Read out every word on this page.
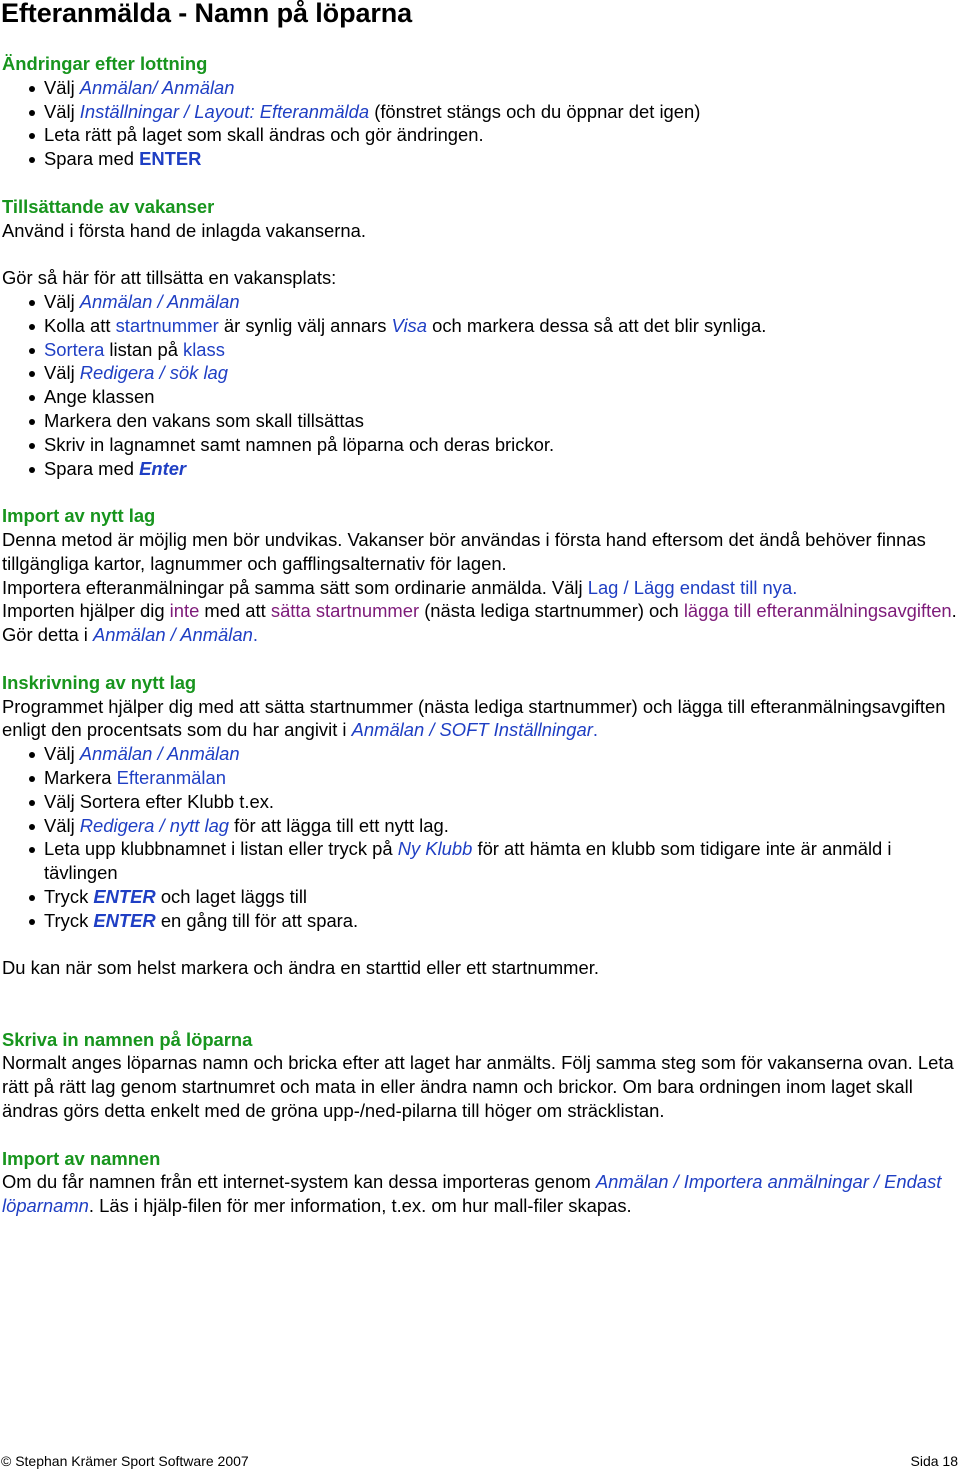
Efteranmälda - Namn på löparna

Ändringar efter lottning

Välj Anmälan/ Anmälan
Välj Inställningar / Layout: Efteranmälda (fönstret stängs och du öppnar det igen)
Leta rätt på laget som skall ändras och gör ändringen.
Spara med ENTER

Tillsättande av vakanser

Använd i första hand de inlagda vakanserna.

Gör så här för att tillsätta en vakansplats:

Välj Anmälan / Anmälan
Kolla att startnummer är synlig välj annars Visa och markera dessa så att det blir synliga.
Sortera listan på klass
Välj Redigera / sök lag
Ange klassen
Markera den vakans som skall tillsättas
Skriv in lagnamnet samt namnen på löparna och deras brickor.
Spara med Enter

Import av nytt lag

Denna metod är möjlig men bör undvikas. Vakanser bör användas i första hand eftersom det ändå behöver finnas tillgängliga kartor, lagnummer och gafflingsalternativ för lagen.

Importera efteranmälningar på samma sätt som ordinarie anmälda. Välj Lag / Lägg endast till nya.

Importen hjälper dig inte med att sätta startnummer (nästa lediga startnummer) och lägga till efteranmälningsavgiften. Gör detta i Anmälan / Anmälan.

Inskrivning av nytt lag

Programmet hjälper dig med att sätta startnummer (nästa lediga startnummer) och lägga till efteranmälningsavgiften enligt den procentsats som du har angivit i Anmälan / SOFT Inställningar.

Välj Anmälan / Anmälan
Markera Efteranmälan
Välj Sortera efter Klubb t.ex.
Välj Redigera / nytt lag för att lägga till ett nytt lag.
Leta upp klubbnamnet i listan eller tryck på Ny Klubb för att hämta en klubb som tidigare inte är anmäld i tävlingen
Tryck ENTER och laget läggs till
Tryck ENTER en gång till för att spara.

Du kan när som helst markera och ändra en starttid eller ett startnummer.

Skriva in namnen på löparna

Normalt anges löparnas namn och bricka efter att laget har anmälts. Följ samma steg som för vakanserna ovan. Leta rätt på rätt lag genom startnumret och mata in eller ändra namn och brickor. Om bara ordningen inom laget skall ändras görs detta enkelt med de gröna upp-/ned-pilarna till höger om sträcklistan.

Import av namnen

Om du får namnen från ett internet-system kan dessa importeras genom Anmälan / Importera anmälningar / Endast löparnamn. Läs i hjälp-filen för mer information, t.ex. om hur mall-filer skapas.

© Stephan Krämer Sport Software 2007	Sida 18
